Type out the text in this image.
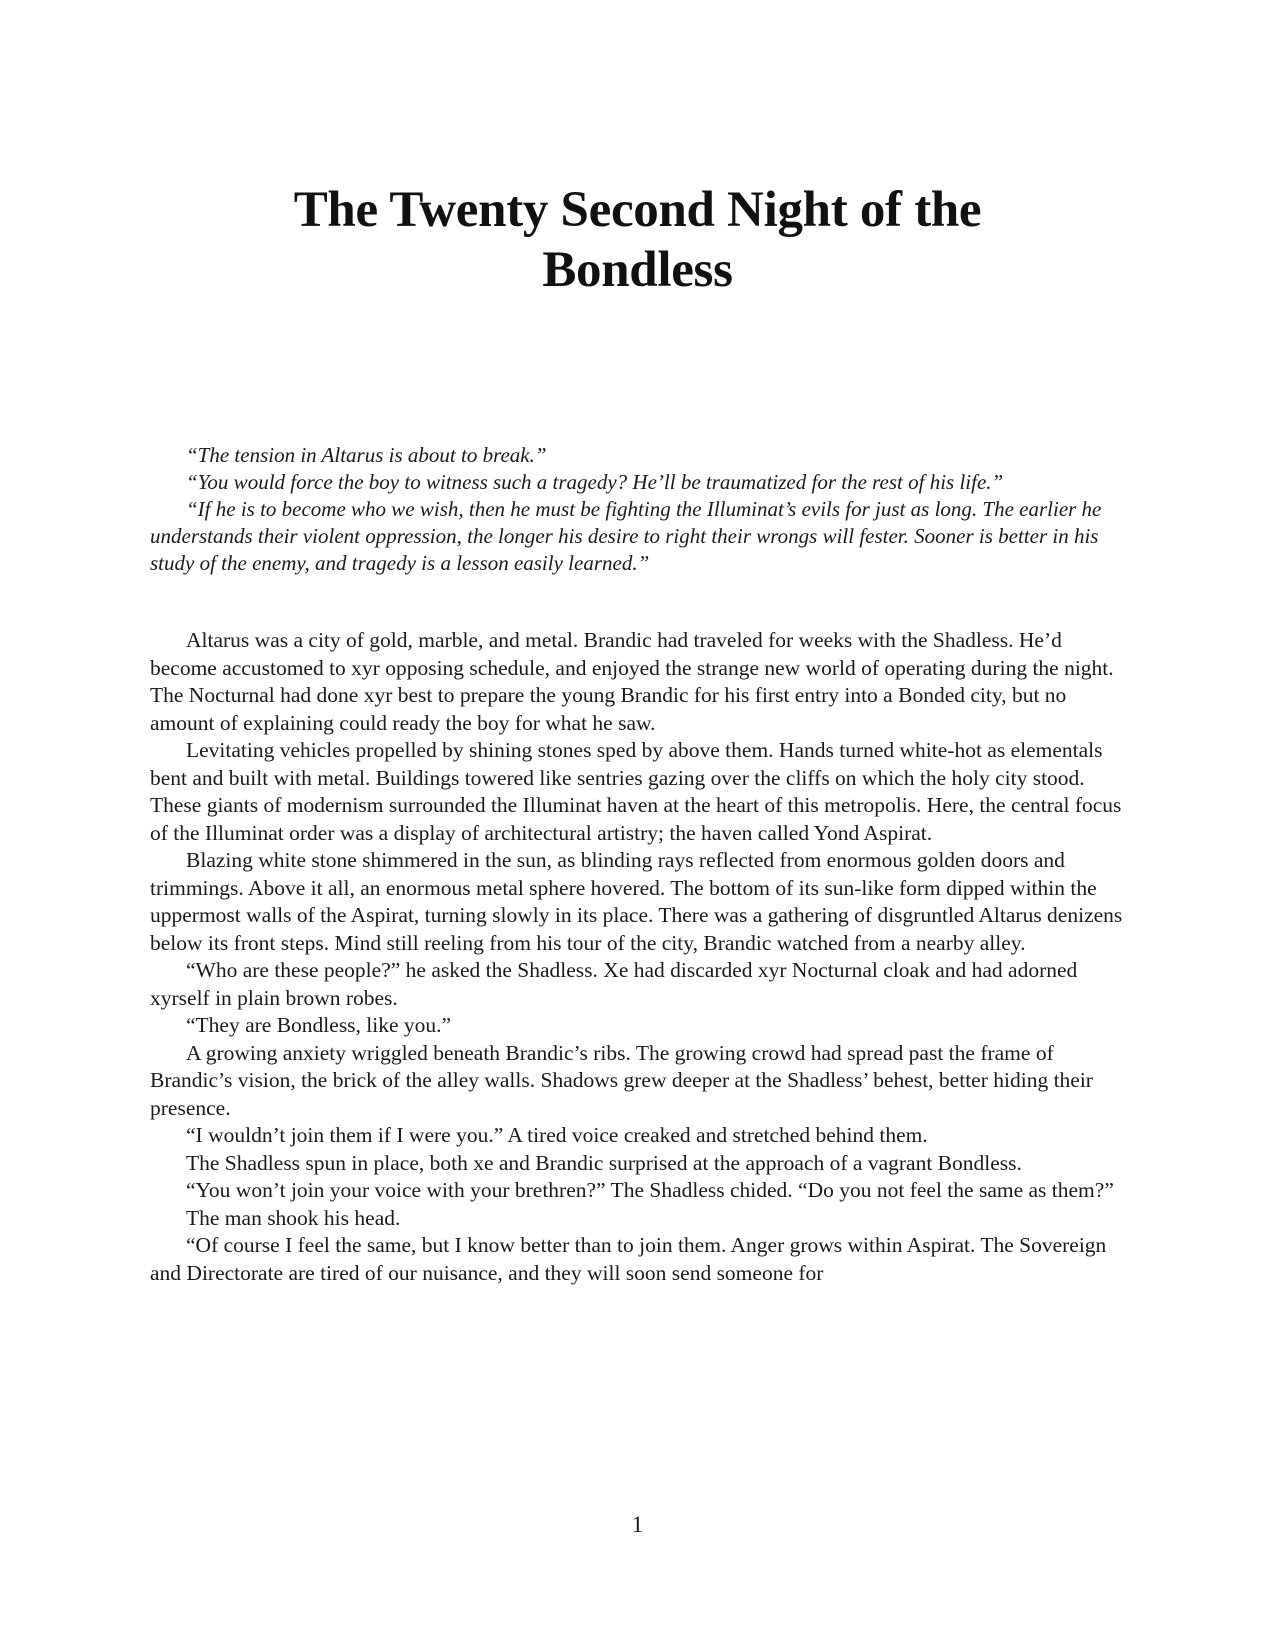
The Twenty Second Night of the
Bondless

“The tension in Altarus is about to break.”

“You would force the boy to witness such a tragedy? He’ll be traumatized for the rest of his life.”

“If he is to become who we wish, then he must be fighting the Illuminat’s evils for just as long. The earlier he understands their violent oppression, the longer his desire to right their wrongs will fester. Sooner is better in his study of the enemy, and tragedy is a lesson easily learned.”

Altarus was a city of gold, marble, and metal. Brandic had traveled for weeks with the Shadless. He’d become accustomed to xyr opposing schedule, and enjoyed the strange new world of operating during the night. The Nocturnal had done xyr best to prepare the young Brandic for his first entry into a Bonded city, but no amount of explaining could ready the boy for what he saw.

Levitating vehicles propelled by shining stones sped by above them. Hands turned white-hot as elementals bent and built with metal. Buildings towered like sentries gazing over the cliffs on which the holy city stood. These giants of modernism surrounded the Illuminat haven at the heart of this metropolis. Here, the central focus of the Illuminat order was a display of architectural artistry; the haven called Yond Aspirat.

Blazing white stone shimmered in the sun, as blinding rays reflected from enormous golden doors and trimmings. Above it all, an enormous metal sphere hovered. The bottom of its sun-like form dipped within the uppermost walls of the Aspirat, turning slowly in its place. There was a gathering of disgruntled Altarus denizens below its front steps. Mind still reeling from his tour of the city, Brandic watched from a nearby alley.

“Who are these people?” he asked the Shadless. Xe had discarded xyr Nocturnal cloak and had adorned xyrself in plain brown robes.

“They are Bondless, like you.”

A growing anxiety wriggled beneath Brandic’s ribs. The growing crowd had spread past the frame of Brandic’s vision, the brick of the alley walls. Shadows grew deeper at the Shadless’ behest, better hiding their presence.

“I wouldn’t join them if I were you.” A tired voice creaked and stretched behind them.

The Shadless spun in place, both xe and Brandic surprised at the approach of a vagrant Bondless.

“You won’t join your voice with your brethren?” The Shadless chided. “Do you not feel the same as them?”

The man shook his head.

“Of course I feel the same, but I know better than to join them. Anger grows within Aspirat. The Sovereign and Directorate are tired of our nuisance, and they will soon send someone for

1
